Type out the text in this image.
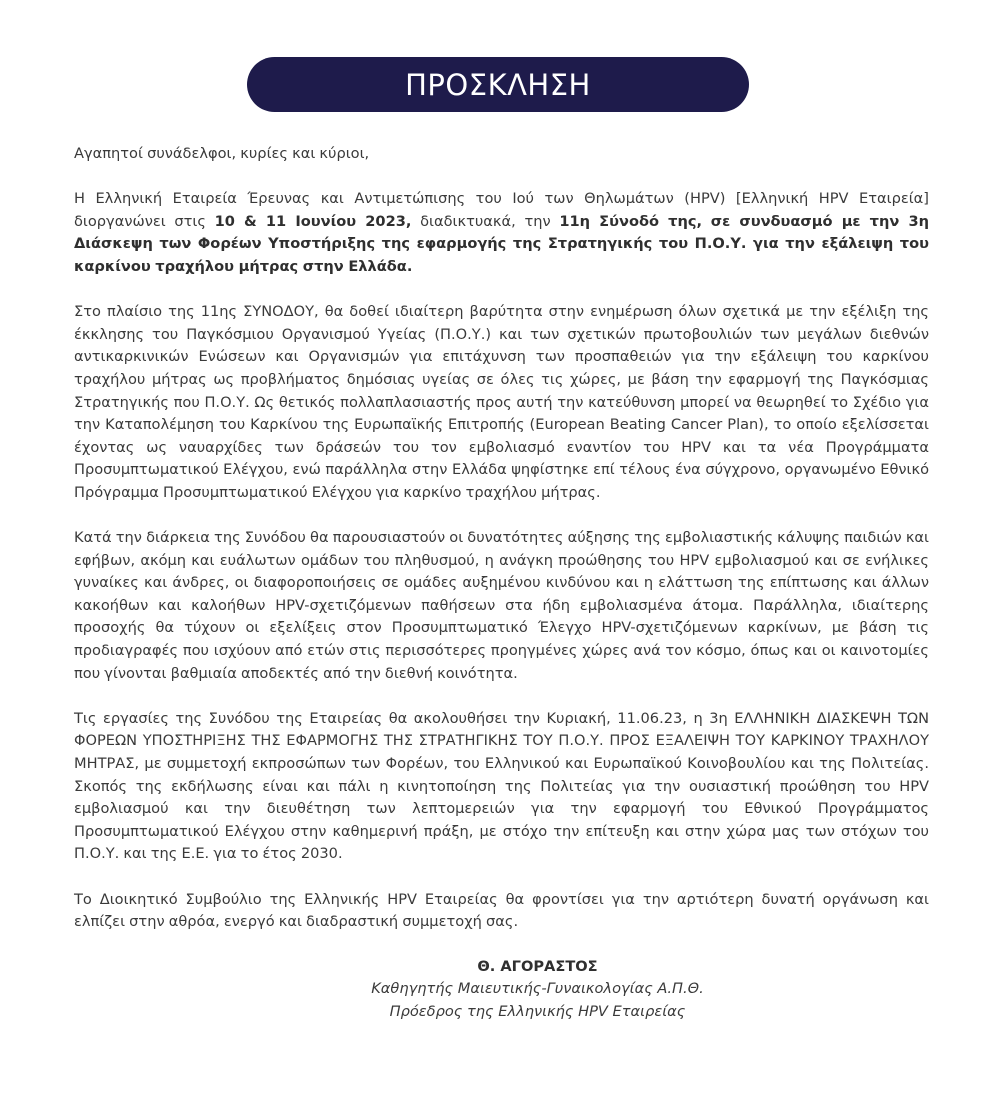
ΠΡΟΣΚΛΗΣΗ

Αγαπητοί συνάδελφοι, κυρίες και κύριοι,

Η Ελληνική Εταιρεία Έρευνας και Αντιμετώπισης του Ιού των Θηλωμάτων (HPV) [Ελληνική HPV Εταιρεία] διοργανώνει στις 10 & 11 Ιουνίου 2023, διαδικτυακά, την 11η Σύνοδό της, σε συνδυασμό με την 3η Διάσκεψη των Φορέων Υποστήριξης της εφαρμογής της Στρατηγικής του Π.Ο.Υ. για την εξάλειψη του καρκίνου τραχήλου μήτρας στην Ελλάδα.

Στο πλαίσιο της 11ης ΣΥΝΟΔΟΥ, θα δοθεί ιδιαίτερη βαρύτητα στην ενημέρωση όλων σχετικά με την εξέλιξη της έκκλησης του Παγκόσμιου Οργανισμού Υγείας (Π.Ο.Υ.) και των σχετικών πρωτοβουλιών των μεγάλων διεθνών αντικαρκινικών Ενώσεων και Οργανισμών για επιτάχυνση των προσπαθειών για την εξάλειψη του καρκίνου τραχήλου μήτρας ως προβλήματος δημόσιας υγείας σε όλες τις χώρες, με βάση την εφαρμογή της Παγκόσμιας Στρατηγικής που Π.Ο.Υ. Ως θετικός πολλαπλασιαστής προς αυτή την κατεύθυνση μπορεί να θεωρηθεί το Σχέδιο για την Καταπολέμηση του Καρκίνου της Ευρωπαϊκής Επιτροπής (European Beating Cancer Plan), το οποίο εξελίσσεται έχοντας ως ναυαρχίδες των δράσεών του τον εμβολιασμό εναντίον του HPV και τα νέα Προγράμματα Προσυμπτωματικού Ελέγχου, ενώ παράλληλα στην Ελλάδα ψηφίστηκε επί τέλους ένα σύγχρονο, οργανωμένο Εθνικό Πρόγραμμα Προσυμπτωματικού Ελέγχου για καρκίνο τραχήλου μήτρας.

Κατά την διάρκεια της Συνόδου θα παρουσιαστούν οι δυνατότητες αύξησης της εμβολιαστικής κάλυψης παιδιών και εφήβων, ακόμη και ευάλωτων ομάδων του πληθυσμού, η ανάγκη προώθησης του HPV εμβολιασμού και σε ενήλικες γυναίκες και άνδρες, οι διαφοροποιήσεις σε ομάδες αυξημένου κινδύνου και η ελάττωση της επίπτωσης και άλλων κακοήθων και καλοήθων HPV-σχετιζόμενων παθήσεων στα ήδη εμβολιασμένα άτομα. Παράλληλα, ιδιαίτερης προσοχής θα τύχουν οι εξελίξεις στον Προσυμπτωματικό Έλεγχο HPV-σχετιζόμενων καρκίνων, με βάση τις προδιαγραφές που ισχύουν από ετών στις περισσότερες προηγμένες χώρες ανά τον κόσμο, όπως και οι καινοτομίες που γίνονται βαθμιαία αποδεκτές από την διεθνή κοινότητα.

Τις εργασίες της Συνόδου της Εταιρείας θα ακολουθήσει την Κυριακή, 11.06.23, η 3η ΕΛΛΗΝΙΚΗ ΔΙΑΣΚΕΨΗ ΤΩΝ ΦΟΡΕΩΝ ΥΠΟΣΤΗΡΙΞΗΣ ΤΗΣ ΕΦΑΡΜΟΓΗΣ ΤΗΣ ΣΤΡΑΤΗΓΙΚΗΣ ΤΟΥ Π.Ο.Υ. ΠΡΟΣ ΕΞΑΛΕΙΨΗ ΤΟΥ ΚΑΡΚΙΝΟΥ ΤΡΑΧΗΛΟΥ ΜΗΤΡΑΣ, με συμμετοχή εκπροσώπων των Φορέων, του Ελληνικού και Ευρωπαϊκού Κοινοβουλίου και της Πολιτείας. Σκοπός της εκδήλωσης είναι και πάλι η κινητοποίηση της Πολιτείας για την ουσιαστική προώθηση του HPV εμβολιασμού και την διευθέτηση των λεπτομερειών για την εφαρμογή του Εθνικού Προγράμματος Προσυμπτωματικού Ελέγχου στην καθημερινή πράξη, με στόχο την επίτευξη και στην χώρα μας των στόχων του Π.Ο.Υ. και της Ε.Ε. για το έτος 2030.

Το Διοικητικό Συμβούλιο της Ελληνικής HPV Εταιρείας θα φροντίσει για την αρτιότερη δυνατή οργάνωση και ελπίζει στην αθρόα, ενεργό και διαδραστική συμμετοχή σας.

Θ. ΑΓΟΡΑΣΤΟΣ
Καθηγητής Μαιευτικής-Γυναικολογίας Α.Π.Θ.
Πρόεδρος της Ελληνικής HPV Εταιρείας
